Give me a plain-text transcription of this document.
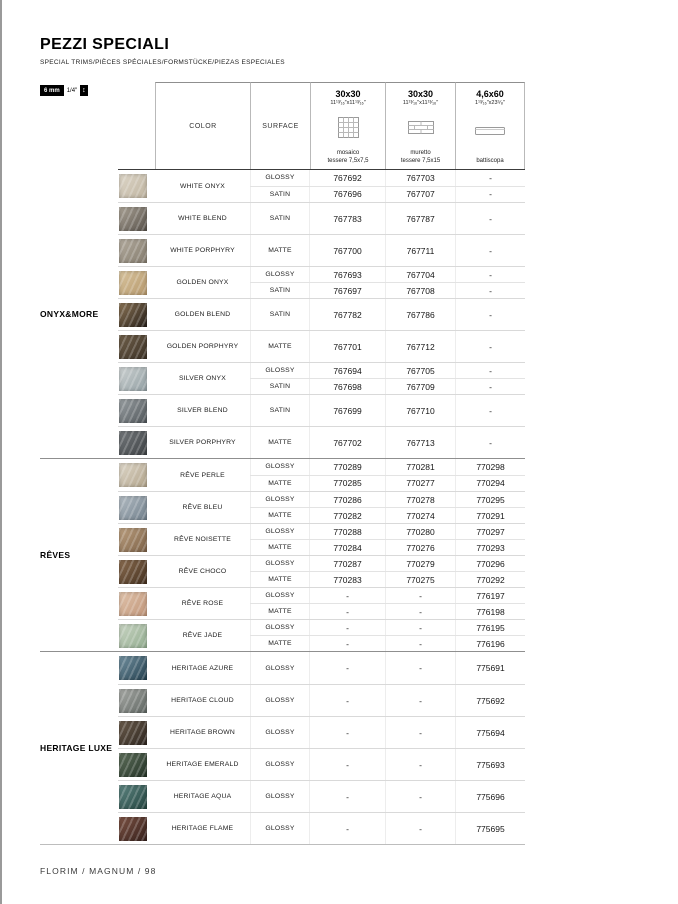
PEZZI SPECIALI
SPECIAL TRIMS/PIÈCES SPÉCIALES/FORMSTÜCKE/PIEZAS ESPECIALES
6 mm	1/4″ ↕
COLOR	SURFACE
30x30
11¹³⁄₁₆″x11¹³⁄₁₆″
mosaico
tessere 7,5x7,5
30x30
11¹³⁄₁₆″x11¹³⁄₁₆″
muretto
tessere 7,5x15
4,6x60
1¹³⁄₁₆″x23⁵⁄₈″
battiscopa
ONYX&MORE
WHITE ONYX
GLOSSY	767692	767703	-
SATIN	767696	767707	-
WHITE BLEND	SATIN	767783	767787	-
WHITE PORPHYRY	MATTE	767700	767711	-
GOLDEN ONYX
GLOSSY	767693	767704	-
SATIN	767697	767708	-
GOLDEN BLEND	SATIN	767782	767786	-
GOLDEN PORPHYRY	MATTE	767701	767712	-
SILVER ONYX
GLOSSY	767694	767705	-
SATIN	767698	767709	-
SILVER BLEND	SATIN	767699	767710	-
SILVER PORPHYRY	MATTE	767702	767713	-
RÊVES
RÊVE PERLE
GLOSSY	770289	770281	770298
MATTE	770285	770277	770294
RÊVE BLEU
GLOSSY	770286	770278	770295
MATTE	770282	770274	770291
RÊVE NOISETTE
GLOSSY	770288	770280	770297
MATTE	770284	770276	770293
RÊVE CHOCO
GLOSSY	770287	770279	770296
MATTE	770283	770275	770292
RÊVE ROSE
GLOSSY	-	-	776197
MATTE	-	-	776198
RÊVE JADE
GLOSSY	-	-	776195
MATTE	-	-	776196
HERITAGE LUXE
HERITAGE AZURE	GLOSSY	-	-	775691
HERITAGE CLOUD	GLOSSY	-	-	775692
HERITAGE BROWN	GLOSSY	-	-	775694
HERITAGE EMERALD	GLOSSY	-	-	775693
HERITAGE AQUA	GLOSSY	-	-	775696
HERITAGE FLAME	GLOSSY	-	-	775695
FLORIM / MAGNUM / 98
